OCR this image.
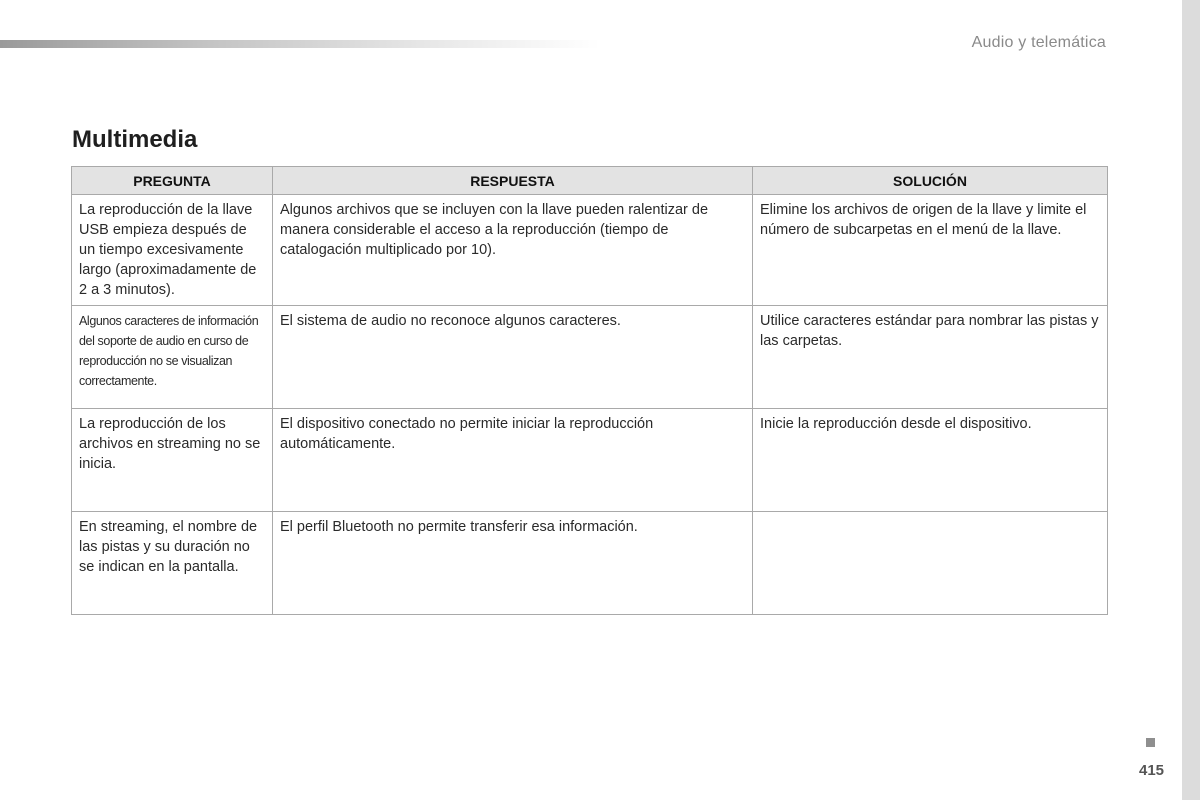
Audio y telemática
Multimedia
PREGUNTA	RESPUESTA	SOLUCIÓN
La reproducción de la llave USB empieza después de un tiempo excesivamente largo (aproximadamente de 2 a 3 minutos).	Algunos archivos que se incluyen con la llave pueden ralentizar de manera considerable el acceso a la reproducción (tiempo de catalogación multiplicado por 10).	Elimine los archivos de origen de la llave y limite el número de subcarpetas en el menú de la llave.
Algunos caracteres de información del soporte de audio en curso de reproducción no se visualizan correctamente.	El sistema de audio no reconoce algunos caracteres.	Utilice caracteres estándar para nombrar las pistas y las carpetas.
La reproducción de los archivos en streaming no se inicia.	El dispositivo conectado no permite iniciar la reproducción automáticamente.	Inicie la reproducción desde el dispositivo.
En streaming, el nombre de las pistas y su duración no se indican en la pantalla.	El perfil Bluetooth no permite transferir esa información.	
415
